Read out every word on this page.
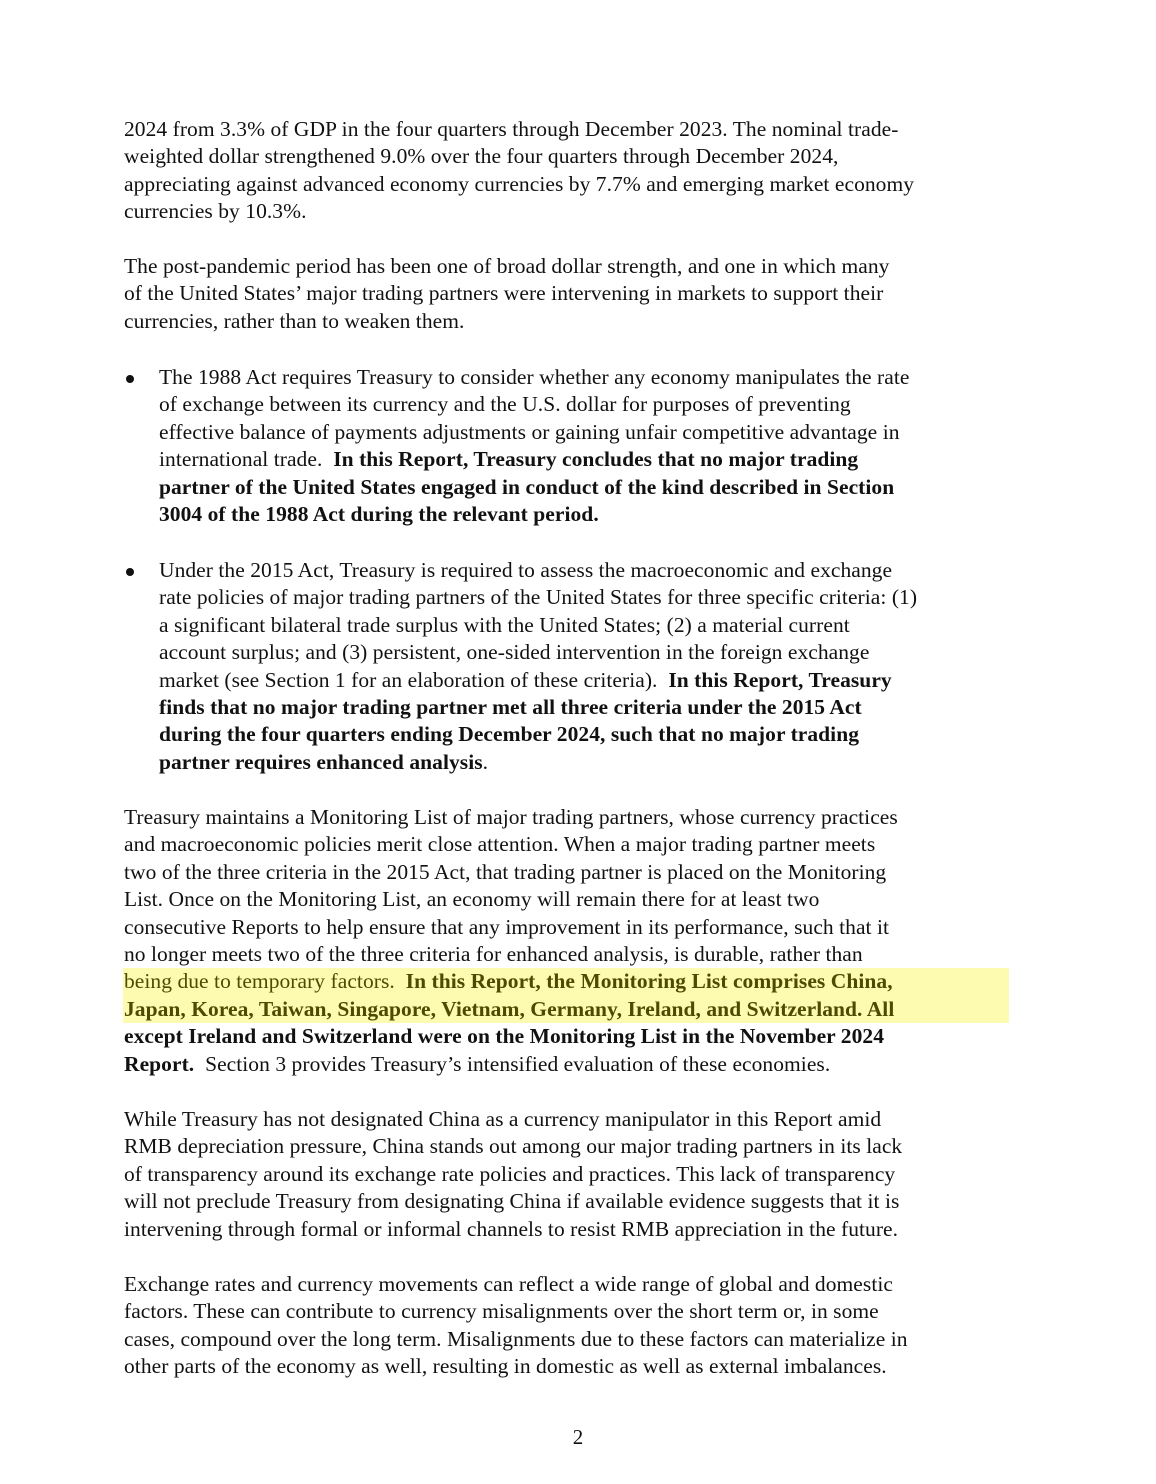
2024 from 3.3% of GDP in the four quarters through December 2023. The nominal trade-
weighted dollar strengthened 9.0% over the four quarters through December 2024,
appreciating against advanced economy currencies by 7.7% and emerging market economy
currencies by 10.3%.
The post-pandemic period has been one of broad dollar strength, and one in which many
of the United States’ major trading partners were intervening in markets to support their
currencies, rather than to weaken them.
The 1988 Act requires Treasury to consider whether any economy manipulates the rate
of exchange between its currency and the U.S. dollar for purposes of preventing
effective balance of payments adjustments or gaining unfair competitive advantage in
international trade.  In this Report, Treasury concludes that no major trading
partner of the United States engaged in conduct of the kind described in Section
3004 of the 1988 Act during the relevant period.
Under the 2015 Act, Treasury is required to assess the macroeconomic and exchange
rate policies of major trading partners of the United States for three specific criteria: (1)
a significant bilateral trade surplus with the United States; (2) a material current
account surplus; and (3) persistent, one-sided intervention in the foreign exchange
market (see Section 1 for an elaboration of these criteria).  In this Report, Treasury
finds that no major trading partner met all three criteria under the 2015 Act
during the four quarters ending December 2024, such that no major trading
partner requires enhanced analysis.
Treasury maintains a Monitoring List of major trading partners, whose currency practices
and macroeconomic policies merit close attention. When a major trading partner meets
two of the three criteria in the 2015 Act, that trading partner is placed on the Monitoring
List. Once on the Monitoring List, an economy will remain there for at least two
consecutive Reports to help ensure that any improvement in its performance, such that it
no longer meets two of the three criteria for enhanced analysis, is durable, rather than
being due to temporary factors.  In this Report, the Monitoring List comprises China,
Japan, Korea, Taiwan, Singapore, Vietnam, Germany, Ireland, and Switzerland. All
except Ireland and Switzerland were on the Monitoring List in the November 2024
Report.  Section 3 provides Treasury’s intensified evaluation of these economies.
While Treasury has not designated China as a currency manipulator in this Report amid
RMB depreciation pressure, China stands out among our major trading partners in its lack
of transparency around its exchange rate policies and practices. This lack of transparency
will not preclude Treasury from designating China if available evidence suggests that it is
intervening through formal or informal channels to resist RMB appreciation in the future.
Exchange rates and currency movements can reflect a wide range of global and domestic
factors. These can contribute to currency misalignments over the short term or, in some
cases, compound over the long term. Misalignments due to these factors can materialize in
other parts of the economy as well, resulting in domestic as well as external imbalances.
2
